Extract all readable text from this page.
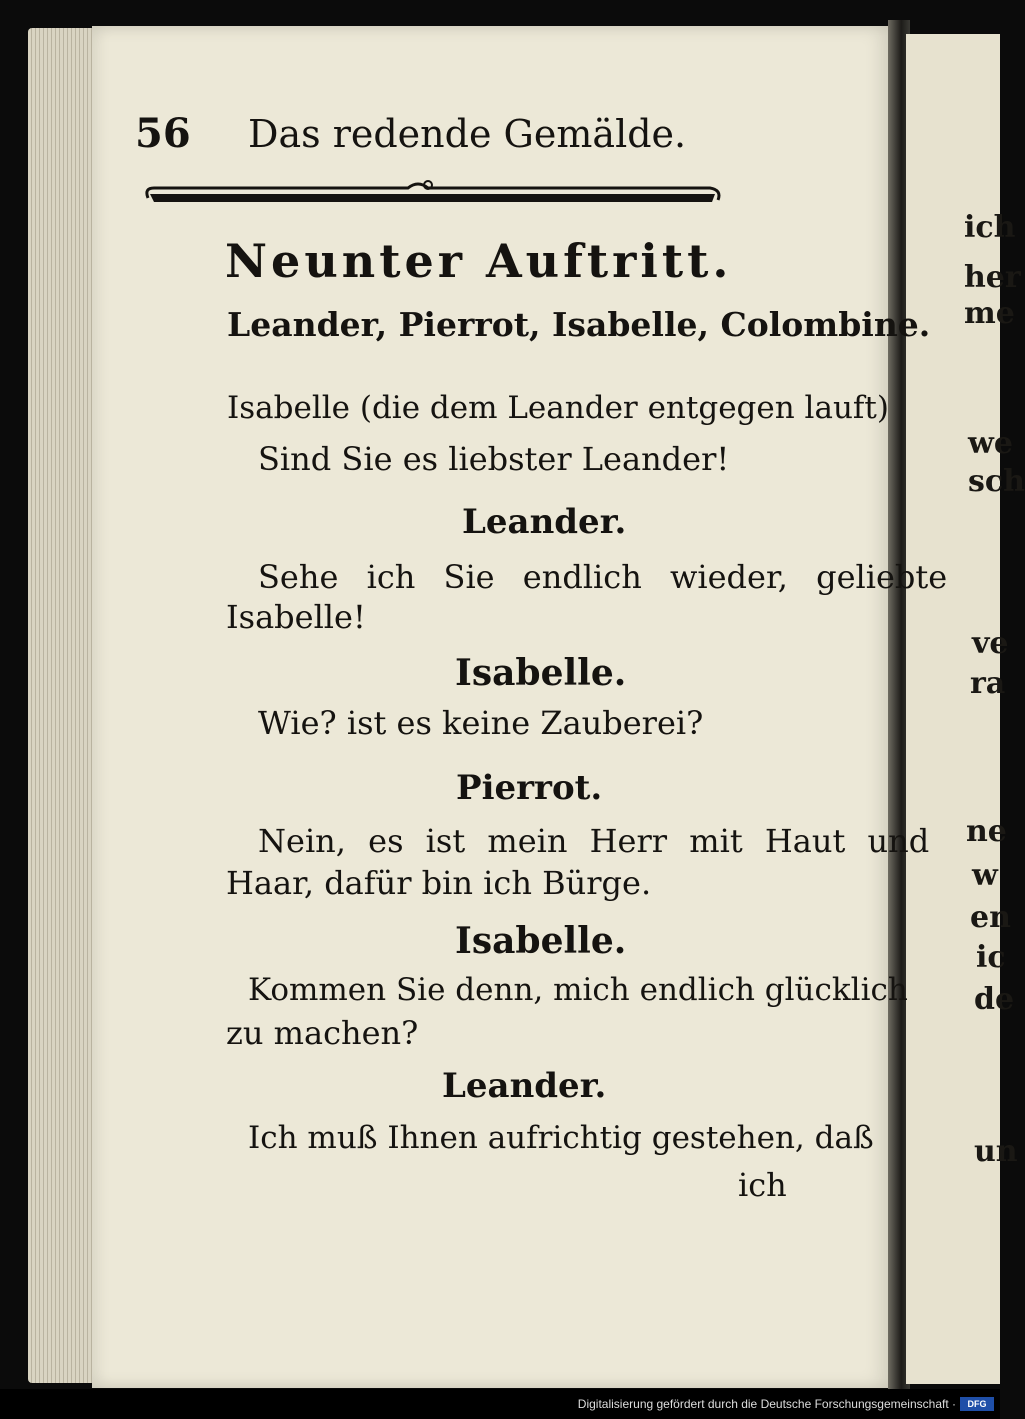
ich
her
me
we
sch
ve
ra
ne
w
en
ic
de
un
56 Das redende Gemälde.
Neunter Auftritt.
Leander, Pierrot, Isabelle, Colombine.
Isabelle (die dem Leander entgegen lauft)
Sind Sie es liebster Leander!
Leander.
Sehe ich Sie endlich wieder, geliebte
Isabelle!
Isabelle.
Wie? ist es keine Zauberei?
Pierrot.
Nein, es ist mein Herr mit Haut und
Haar, dafür bin ich Bürge.
Isabelle.
Kommen Sie denn, mich endlich glücklich
zu machen?
Leander.
Ich muß Ihnen aufrichtig gestehen, daß
ich
Digitalisierung gefördert durch die Deutsche Forschungsgemeinschaft ·	DFG
